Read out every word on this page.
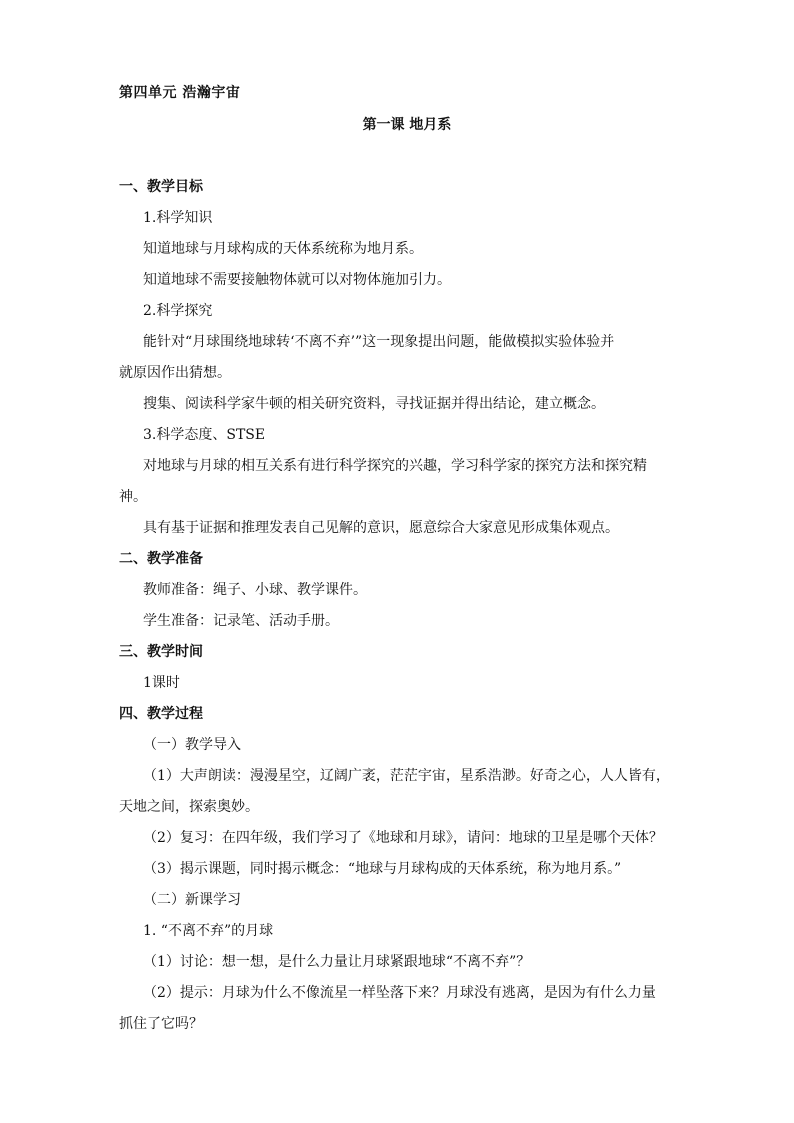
第四单元 浩瀚宇宙
第一课 地月系

一、教学目标

1.科学知识

知道地球与月球构成的天体系统称为地月系。

知道地球不需要接触物体就可以对物体施加引力。

2.科学探究

能针对“月球围绕地球转‘不离不弃’”这一现象提出问题，能做模拟实验体验并

就原因作出猜想。

搜集、阅读科学家牛顿的相关研究资料，寻找证据并得出结论，建立概念。

3.科学态度、STSE

对地球与月球的相互关系有进行科学探究的兴趣，学习科学家的探究方法和探究精

神。

具有基于证据和推理发表自己见解的意识，愿意综合大家意见形成集体观点。

二、教学准备

教师准备：绳子、小球、教学课件。

学生准备：记录笔、活动手册。

三、教学时间

1课时

四、教学过程

（一）教学导入

（1）大声朗读：漫漫星空，辽阔广袤，茫茫宇宙，星系浩渺。好奇之心，人人皆有，

天地之间，探索奥妙。

（2）复习：在四年级，我们学习了《地球和月球》，请问：地球的卫星是哪个天体？

（3）揭示课题，同时揭示概念：“地球与月球构成的天体系统，称为地月系。”

（二）新课学习

1. “不离不弃”的月球

（1）讨论：想一想，是什么力量让月球紧跟地球“不离不弃”？

（2）提示：月球为什么不像流星一样坠落下来？月球没有逃离，是因为有什么力量

抓住了它吗？
